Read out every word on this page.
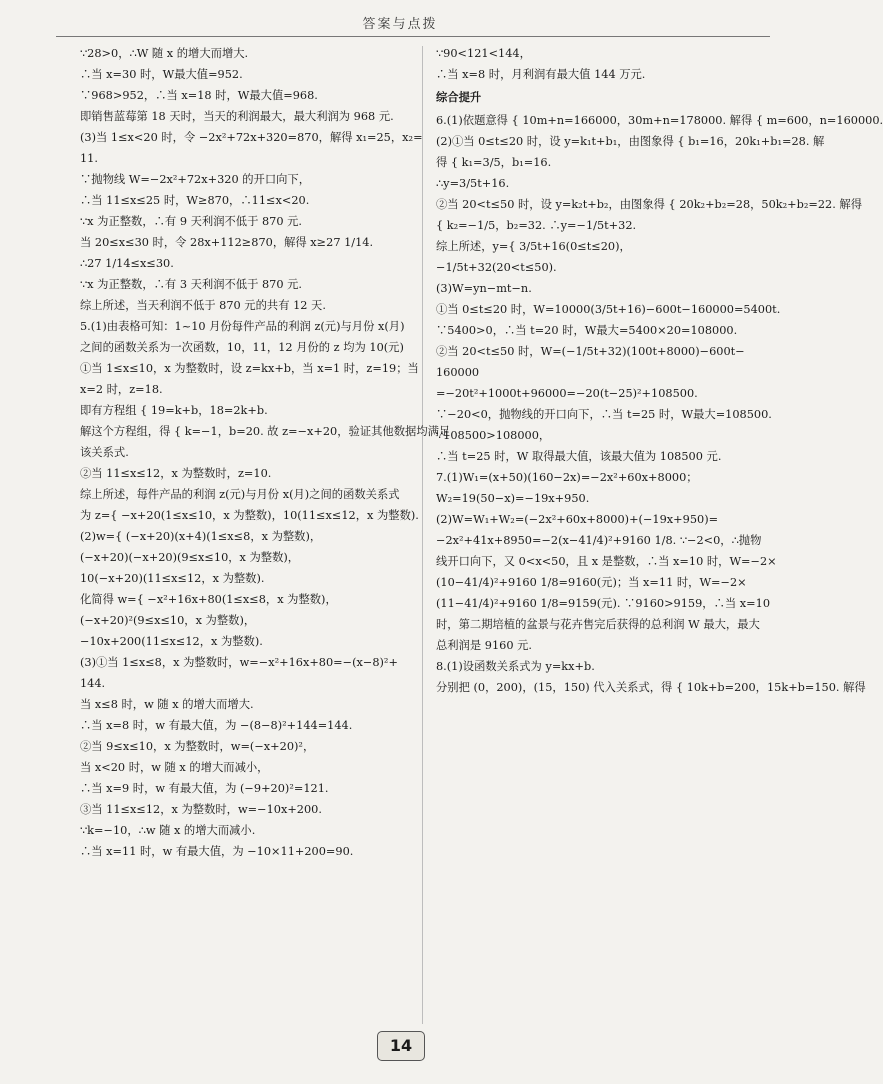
答案与点拨
∵28>0，∴W 随 x 的增大而增大.
∴当 x=30 时，W最大值=952.
∵968>952，∴当 x=18 时，W最大值=968.
即销售蓝莓第 18 天时，当天的利润最大，最大利润为 968 元.
(3)当 1≤x<20 时，令 −2x²+72x+320=870，解得 x₁=25，x₂=
11.
∵抛物线 W=−2x²+72x+320 的开口向下，
∴当 11≤x≤25 时，W≥870，∴11≤x<20.
∵x 为正整数，∴有 9 天利润不低于 870 元.
当 20≤x≤30 时，令 28x+112≥870，解得 x≥27 1/14.
∴27 1/14≤x≤30.
∵x 为正整数，∴有 3 天利润不低于 870 元.
综上所述，当天利润不低于 870 元的共有 12 天.
5.(1)由表格可知：1~10 月份每件产品的利润 z(元)与月份 x(月)
之间的函数关系为一次函数，10，11，12 月份的 z 均为 10(元)
①当 1≤x≤10，x 为整数时，设 z=kx+b，当 x=1 时，z=19；当
x=2 时，z=18.
即有方程组 { 19=k+b，18=2k+b.
解这个方程组，得 { k=−1，b=20. 故 z=−x+20，验证其他数据均满足
该关系式.
②当 11≤x≤12，x 为整数时，z=10.
综上所述，每件产品的利润 z(元)与月份 x(月)之间的函数关系式
为 z={ −x+20(1≤x≤10，x 为整数)，10(11≤x≤12，x 为整数).
(2)w={ (−x+20)(x+4)(1≤x≤8，x 为整数)，
(−x+20)(−x+20)(9≤x≤10，x 为整数)，
10(−x+20)(11≤x≤12，x 为整数).
化简得 w={ −x²+16x+80(1≤x≤8，x 为整数)，
(−x+20)²(9≤x≤10，x 为整数)，
−10x+200(11≤x≤12，x 为整数).
(3)①当 1≤x≤8，x 为整数时，w=−x²+16x+80=−(x−8)²+
144.
当 x≤8 时，w 随 x 的增大而增大.
∴当 x=8 时，w 有最大值，为 −(8−8)²+144=144.
②当 9≤x≤10，x 为整数时，w=(−x+20)²，
当 x<20 时，w 随 x 的增大而减小，
∴当 x=9 时，w 有最大值，为 (−9+20)²=121.
③当 11≤x≤12，x 为整数时，w=−10x+200.
∵k=−10，∴w 随 x 的增大而减小.
∴当 x=11 时，w 有最大值，为 −10×11+200=90.
∵90<121<144，
∴当 x=8 时，月利润有最大值 144 万元.
综合提升
6.(1)依题意得 { 10m+n=166000，30m+n=178000. 解得 { m=600，n=160000.
(2)①当 0≤t≤20 时，设 y=k₁t+b₁，由图象得 { b₁=16，20k₁+b₁=28. 解
得 { k₁=3/5，b₁=16.
∴y=3/5t+16.
②当 20<t≤50 时，设 y=k₂t+b₂，由图象得 { 20k₂+b₂=28，50k₂+b₂=22. 解得
{ k₂=−1/5，b₂=32. ∴y=−1/5t+32.
综上所述，y={ 3/5t+16(0≤t≤20)，
−1/5t+32(20<t≤50).
(3)W=yn−mt−n.
①当 0≤t≤20 时，W=10000(3/5t+16)−600t−160000=5400t.
∵5400>0，∴当 t=20 时，W最大=5400×20=108000.
②当 20<t≤50 时，W=(−1/5t+32)(100t+8000)−600t−
160000
=−20t²+1000t+96000=−20(t−25)²+108500.
∵−20<0，抛物线的开口向下，∴当 t=25 时，W最大=108500.
∵108500>108000，
∴当 t=25 时，W 取得最大值，该最大值为 108500 元.
7.(1)W₁=(x+50)(160−2x)=−2x²+60x+8000；
W₂=19(50−x)=−19x+950.
(2)W=W₁+W₂=(−2x²+60x+8000)+(−19x+950)=
−2x²+41x+8950=−2(x−41/4)²+9160 1/8. ∵−2<0，∴抛物
线开口向下，又 0<x<50，且 x 是整数，∴当 x=10 时，W=−2×
(10−41/4)²+9160 1/8=9160(元)；当 x=11 时，W=−2×
(11−41/4)²+9160 1/8=9159(元). ∵9160>9159，∴当 x=10
时，第二期培植的盆景与花卉售完后获得的总利润 W 最大，最大
总利润是 9160 元.
8.(1)设函数关系式为 y=kx+b.
分别把 (0，200)，(15，150) 代入关系式，得 { 10k+b=200，15k+b=150. 解得
14
